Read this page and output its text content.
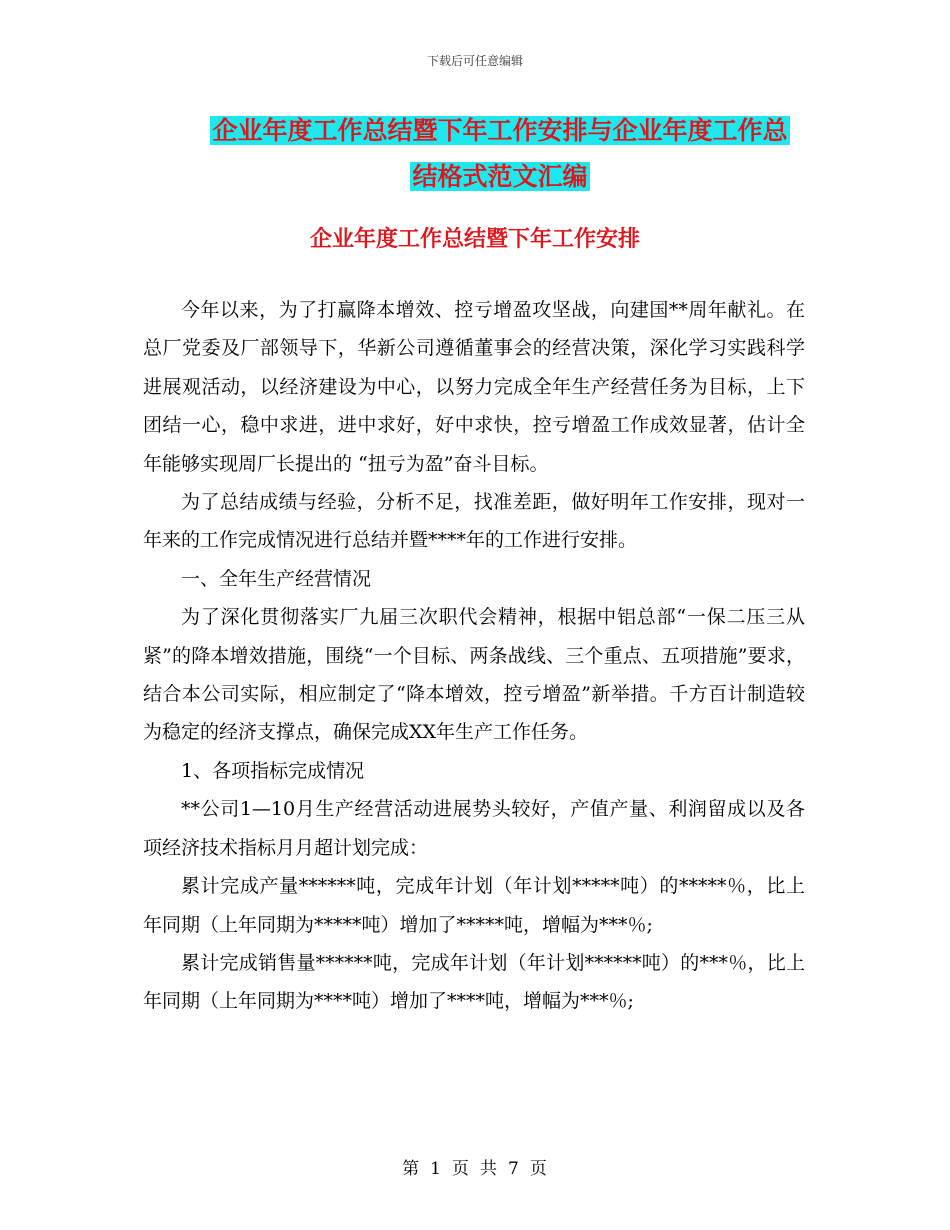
下载后可任意编辑
企业年度工作总结暨下年工作安排与企业年度工作总
结格式范文汇编
企业年度工作总结暨下年工作安排

今年以来，为了打赢降本增效、控亏增盈攻坚战，向建国**周年献礼。在总厂党委及厂部领导下，华新公司遵循董事会的经营决策，深化学习实践科学进展观活动，以经济建设为中心，以努力完成全年生产经营任务为目标，上下团结一心，稳中求进，进中求好，好中求快，控亏增盈工作成效显著，估计全年能够实现周厂长提出的 “扭亏为盈”奋斗目标。

为了总结成绩与经验，分析不足，找准差距，做好明年工作安排，现对一年来的工作完成情况进行总结并暨****年的工作进行安排。

一、全年生产经营情况

为了深化贯彻落实厂九届三次职代会精神，根据中铝总部“一保二压三从紧”的降本增效措施，围绕“一个目标、两条战线、三个重点、五项措施”要求，结合本公司实际，相应制定了“降本增效，控亏增盈”新举措。千方百计制造较为稳定的经济支撑点，确保完成XX年生产工作任务。

1、各项指标完成情况

**公司1—10月生产经营活动进展势头较好，产值产量、利润留成以及各项经济技术指标月月超计划完成：

累计完成产量******吨，完成年计划（年计划*****吨）的*****％，比上年同期（上年同期为*****吨）增加了*****吨，增幅为***％;

累计完成销售量******吨，完成年计划（年计划******吨）的***％，比上年同期（上年同期为****吨）增加了****吨，增幅为***％;

第 1 页 共 7 页
